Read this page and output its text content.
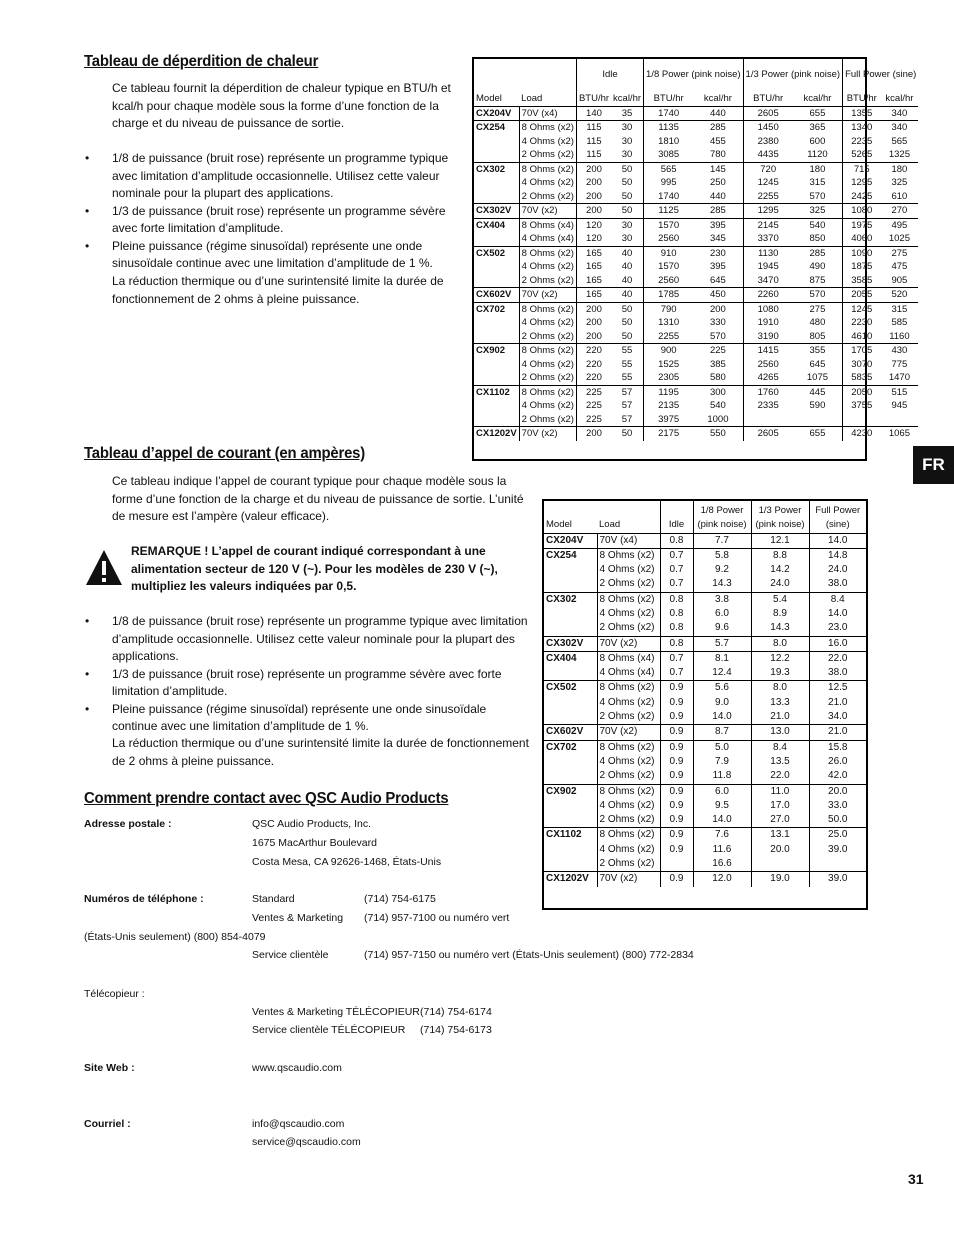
Tableau de déperdition de chaleur
Ce tableau fournit la déperdition de chaleur typique en BTU/h et kcal/h pour chaque modèle sous la forme d’une fonction de la charge et du niveau de puissance de sortie.
• 1/8 de puissance (bruit rose) représente un programme typique avec limitation d’amplitude occasionnelle. Utilisez cette valeur nominale pour la plupart des applications.
• 1/3 de puissance (bruit rose) représente un programme sévère avec forte limitation d’amplitude.
• Pleine puissance (régime sinusoïdal) représente une onde sinusoïdale continue avec une limitation d’amplitude de 1 %.
La réduction thermique ou d’une surintensité limite la durée de fonctionnement de 2 ohms à pleine puissance.
		Idle		1/8 Power (pink noise)		1/3 Power (pink noise)		Full Power (sine)	
Model	Load	BTU/hr	kcal/hr	BTU/hr	kcal/hr	BTU/hr	kcal/hr	BTU/hr	kcal/hr
CX204V	70V (x4)	140	35	1740	440	2605	655	1355	340
CX254	8 Ohms (x2)	115	30	1135	285	1450	365	1340	340
	4 Ohms (x2)	115	30	1810	455	2380	600	2235	565
	2 Ohms (x2)	115	30	3085	780	4435	1120	5265	1325
CX302	8 Ohms (x2)	200	50	565	145	720	180	715	180
	4 Ohms (x2)	200	50	995	250	1245	315	1295	325
	2 Ohms (x2)	200	50	1740	440	2255	570	2425	610
CX302V	70V (x2)	200	50	1125	285	1295	325	1080	270
CX404	8 Ohms (x4)	120	30	1570	395	2145	540	1975	495
	4 Ohms (x4)	120	30	2560	345	3370	850	4060	1025
CX502	8 Ohms (x2)	165	40	910	230	1130	285	1090	275
	4 Ohms (x2)	165	40	1570	395	1945	490	1875	475
	2 Ohms (x2)	165	40	2560	645	3470	875	3585	905
CX602V	70V (x2)	165	40	1785	450	2260	570	2055	520
CX702	8 Ohms (x2)	200	50	790	200	1080	275	1245	315
	4 Ohms (x2)	200	50	1310	330	1910	480	2230	585
	2 Ohms (x2)	200	50	2255	570	3190	805	4610	1160
CX902	8 Ohms (x2)	220	55	900	225	1415	355	1705	430
	4 Ohms (x2)	220	55	1525	385	2560	645	3070	775
	2 Ohms (x2)	220	55	2305	580	4265	1075	5835	1470
CX1102	8 Ohms (x2)	225	57	1195	300	1760	445	2050	515
	4 Ohms (x2)	225	57	2135	540	2335	590	3755	945
	2 Ohms (x2)	225	57	3975	1000				
CX1202V	70V (x2)	200	50	2175	550	2605	655	4230	1065
Tableau d’appel de courant (en ampères)
Ce tableau indique l’appel de courant typique pour chaque modèle sous la forme d’une fonction de la charge et du niveau de puissance de sortie. L’unité de mesure est l’ampère (valeur efficace).
REMARQUE ! L’appel de courant indiqué correspondant à une alimentation secteur de 120 V (~). Pour les modèles de 230 V (~), multipliez les valeurs indiquées par 0,5.
• 1/8 de puissance (bruit rose) représente un programme typique avec limitation d’amplitude occasionnelle. Utilisez cette valeur nominale pour la plupart des applications.
• 1/3 de puissance (bruit rose) représente un programme sévère avec forte limitation d’amplitude.
• Pleine puissance (régime sinusoïdal) représente une onde sinusoïdale continue avec une limitation d’amplitude de 1 %.
La réduction thermique ou d’une surintensité limite la durée de fonctionnement de 2 ohms à pleine puissance.
Model	Load	Idle	1/8 Power (pink noise)	1/3 Power (pink noise)	Full Power (sine)
CX204V	70V (x4)	0.8	7.7	12.1	14.0
CX254	8 Ohms (x2)	0.7	5.8	8.8	14.8
	4 Ohms (x2)	0.7	9.2	14.2	24.0
	2 Ohms (x2)	0.7	14.3	24.0	38.0
CX302	8 Ohms (x2)	0.8	3.8	5.4	8.4
	4 Ohms (x2)	0.8	6.0	8.9	14.0
	2 Ohms (x2)	0.8	9.6	14.3	23.0
CX302V	70V (x2)	0.8	5.7	8.0	16.0
CX404	8 Ohms (x4)	0.7	8.1	12.2	22.0
	4 Ohms (x4)	0.7	12.4	19.3	38.0
CX502	8 Ohms (x2)	0.9	5.6	8.0	12.5
	4 Ohms (x2)	0.9	9.0	13.3	21.0
	2 Ohms (x2)	0.9	14.0	21.0	34.0
CX602V	70V (x2)	0.9	8.7	13.0	21.0
CX702	8 Ohms (x2)	0.9	5.0	8.4	15.8
	4 Ohms (x2)	0.9	7.9	13.5	26.0
	2 Ohms (x2)	0.9	11.8	22.0	42.0
CX902	8 Ohms (x2)	0.9	6.0	11.0	20.0
	4 Ohms (x2)	0.9	9.5	17.0	33.0
	2 Ohms (x2)	0.9	14.0	27.0	50.0
CX1102	8 Ohms (x2)	0.9	7.6	13.1	25.0
	4 Ohms (x2)	0.9	11.6	20.0	39.0
	2 Ohms (x2)		16.6		
CX1202V	70V (x2)	0.9	12.0	19.0	39.0
Comment prendre contact avec QSC Audio Products
Adresse postale :	QSC Audio Products, Inc.
1675 MacArthur Boulevard
Costa Mesa, CA 92626-1468, États-Unis
Numéros de téléphone :	Standard	(714) 754-6175
Ventes & Marketing (714) 957-7100 ou numéro vert
(États-Unis seulement) (800) 854-4079
Service clientèle	(714) 957-7150 ou numéro vert (États-Unis seulement) (800) 772-2834
Télécopieur :
Ventes & Marketing TÉLÉCOPIEUR (714) 754-6174
Service clientèle TÉLÉCOPIEUR (714) 754-6173
Site Web :	www.qscaudio.com
Courriel :	info@qscaudio.com
service@qscaudio.com
FR
31
